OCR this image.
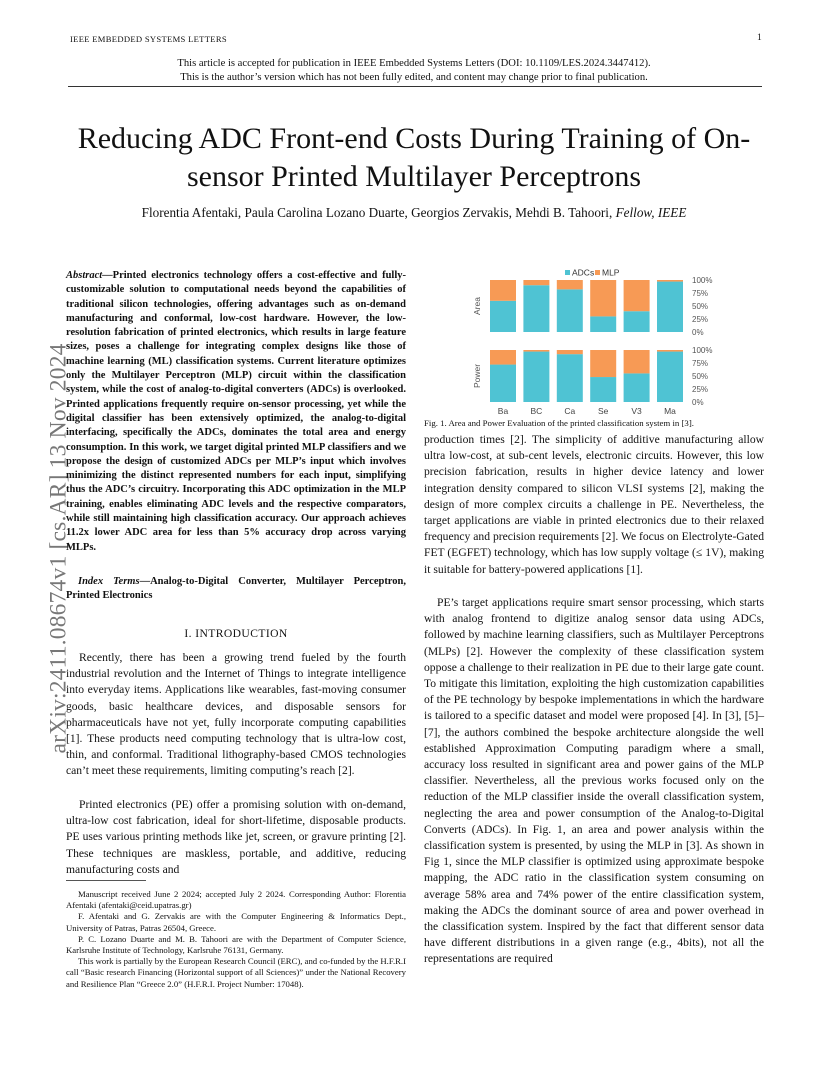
IEEE EMBEDDED SYSTEMS LETTERS	1
This article is accepted for publication in IEEE Embedded Systems Letters (DOI: 10.1109/LES.2024.3447412).
This is the author’s version which has not been fully edited, and content may change prior to final publication.
Reducing ADC Front-end Costs During Training of On-sensor Printed Multilayer Perceptrons
Florentia Afentaki, Paula Carolina Lozano Duarte, Georgios Zervakis, Mehdi B. Tahoori, Fellow, IEEE
arXiv:2411.08674v1 [cs.AR] 13 Nov 2024
Abstract—Printed electronics technology offers a cost-effective and fully-customizable solution to computational needs beyond the capabilities of traditional silicon technologies, offering advantages such as on-demand manufacturing and conformal, low-cost hardware. However, the low-resolution fabrication of printed electronics, which results in large feature sizes, poses a challenge for integrating complex designs like those of machine learning (ML) classification systems. Current literature optimizes only the Multilayer Perceptron (MLP) circuit within the classification system, while the cost of analog-to-digital converters (ADCs) is overlooked. Printed applications frequently require on-sensor processing, yet while the digital classifier has been extensively optimized, the analog-to-digital interfacing, specifically the ADCs, dominates the total area and energy consumption. In this work, we target digital printed MLP classifiers and we propose the design of customized ADCs per MLP’s input which involves minimizing the distinct represented numbers for each input, simplifying thus the ADC’s circuitry. Incorporating this ADC optimization in the MLP training, enables eliminating ADC levels and the respective comparators, while still maintaining high classification accuracy. Our approach achieves 11.2x lower ADC area for less than 5% accuracy drop across varying MLPs.
Index Terms—Analog-to-Digital Converter, Multilayer Perceptron, Printed Electronics
I. INTRODUCTION
Recently, there has been a growing trend fueled by the fourth industrial revolution and the Internet of Things to integrate intelligence into everyday items. Applications like wearables, fast-moving consumer goods, basic healthcare devices, and disposable sensors for pharmaceuticals have not yet, fully incorporate computing capabilities [1]. These products need computing technology that is ultra-low cost, thin, and conformal. Traditional lithography-based CMOS technologies can’t meet these requirements, limiting computing’s reach [2].
Printed electronics (PE) offer a promising solution with on-demand, ultra-low cost fabrication, ideal for short-lifetime, disposable products. PE uses various printing methods like jet, screen, or gravure printing [2]. These techniques are maskless, portable, and additive, reducing manufacturing costs and

Manuscript received June 2 2024; accepted July 2 2024. Corresponding Author: Florentia Afentaki (afentaki@ceid.upatras.gr)

F. Afentaki and G. Zervakis are with the Computer Engineering & Informatics Dept., University of Patras, Patras 26504, Greece.

P. C. Lozano Duarte and M. B. Tahoori are with the Department of Computer Science, Karlsruhe Institute of Technology, Karlsruhe 76131, Germany.

This work is partially by the European Research Council (ERC), and co-funded by the H.F.R.I call “Basic research Financing (Horizontal support of all Sciences)” under the National Recovery and Resilience Plan “Greece 2.0” (H.F.R.I. Project Number: 17048).

ADCs MLP
Area
100%
75%
50%
25%
0%
Power
100%
75%
50%
25%
0%
Ba	BC	Ca	Se	V3	Ma
Fig. 1. Area and Power Evaluation of the printed classification system in [3].
production times [2]. The simplicity of additive manufacturing allow ultra low-cost, at sub-cent levels, electronic circuits. However, this low precision fabrication, results in higher device latency and lower integration density compared to silicon VLSI systems [2], making the design of more complex circuits a challenge in PE. Nevertheless, the target applications are viable in printed electronics due to their relaxed frequency and precision requirements [2]. We focus on Electrolyte-Gated FET (EGFET) technology, which has low supply voltage (≤ 1V), making it suitable for battery-powered applications [1].
PE’s target applications require smart sensor processing, which starts with analog frontend to digitize analog sensor data using ADCs, followed by machine learning classifiers, such as Multilayer Perceptrons (MLPs) [2]. However the complexity of these classification system oppose a challenge to their realization in PE due to their large gate count. To mitigate this limitation, exploiting the high customization capabilities of the PE technology by bespoke implementations in which the hardware is tailored to a specific dataset and model were proposed [4]. In [3], [5]–[7], the authors combined the bespoke architecture alongside the well established Approximation Computing paradigm where a small, accuracy loss resulted in significant area and power gains of the MLP classifier. Nevertheless, all the previous works focused only on the reduction of the MLP classifier inside the overall classification system, neglecting the area and power consumption of the Analog-to-Digital Converts (ADCs). In Fig. 1, an area and power analysis within the classification system is presented, by using the MLP in [3]. As shown in Fig 1, since the MLP classifier is optimized using approximate bespoke mapping, the ADC ratio in the classification system consuming on average 58% area and 74% power of the entire classification system, making the ADCs the dominant source of area and power overhead in the classification system. Inspired by the fact that different sensor data have different distributions in a given range (e.g., 4bits), not all the representations are required
